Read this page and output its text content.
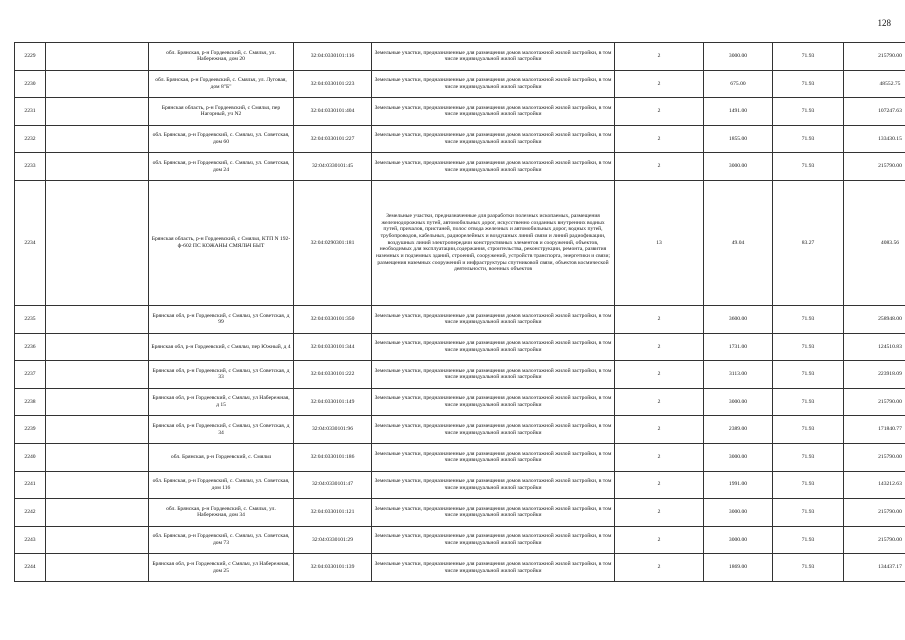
128
2229		обл. Брянская, р-н Гордеевский, с. Смяльч, ул. Набережная, дом 20	32:04:0330101:116	Земельные участки, предназначенные для размещения домов малоэтажной жилой застройки, в том числе индивидуальной жилой застройки	2	3000.00	71.93	215790.00
2230		обл. Брянская, р-н Гордеевский, с. Смяльч, ул. Луговая, дом 8"Б"	32:04:0330101:223	Земельные участки, предназначенные для размещения домов малоэтажной жилой застройки, в том числе индивидуальной жилой застройки	2	675.00	71.93	48552.75
2231		Брянская область, р-н Гордеевский, с Смяльч, пер Нагорный, уч N2	32:04:0330101:404	Земельные участки, предназначенные для размещения домов малоэтажной жилой застройки, в том числе индивидуальной жилой застройки	2	1491.00	71.93	107247.63
2232		обл. Брянская, р-н Гордеевский, с. Смяльч, ул. Советская, дом 60	32:04:0330101:227	Земельные участки, предназначенные для размещения домов малоэтажной жилой застройки, в том числе индивидуальной жилой застройки	2	1855.00	71.93	133430.15
2233		обл. Брянская, р-н Гордеевский, с. Смяльч, ул. Советская, дом 24	32:04:0330101:45	Земельные участки, предназначенные для размещения домов малоэтажной жилой застройки, в том числе индивидуальной жилой застройки	2	3000.00	71.93	215790.00
2234		Брянская область, р-н Гордеевский, с Смяльч, КТП N 192-ф-602 ПС КОЖАНЫ СМЯЛЬЧ БЫТ	32:04:0290301:181	Земельные участки, предназначенные для разработки полезных ископаемых, размещения железнодорожных путей, автомобильных дорог, искусственно созданных внутренних водных путей, причалов, пристаней, полос отвода железных и автомобильных дорог, водных путей, трубопроводов, кабельных, радиорелейных и воздушных линий связи и линий радиофикации, воздушных линий электропередачи конструктивных элементов и сооружений, объектов, необходимых для эксплуатации,содержания, строительства, реконструкции, ремонта, развития наземных и подземных зданий, строений, сооружений, устройств транспорта, энергетики и связи; размещения наземных сооружений и инфраструктуры спутниковой связи, объектов космической деятельности, военных объектов	13	49.04	83.27	4083.56
2235		Брянская обл, р-н Гордеевский, с Смяльч, ул Советская, д 99	32:04:0330101:350	Земельные участки, предназначенные для размещения домов малоэтажной жилой застройки, в том числе индивидуальной жилой застройки	2	3600.00	71.93	258948.00
2236		Брянская обл, р-н Гордеевский, с Смяльч, пер Южный, д 4	32:04:0330101:344	Земельные участки, предназначенные для размещения домов малоэтажной жилой застройки, в том числе индивидуальной жилой застройки	2	1731.00	71.93	124510.83
2237		Брянская обл, р-н Гордеевский, с Смяльч, ул Советская, д 33	32:04:0330101:222	Земельные участки, предназначенные для размещения домов малоэтажной жилой застройки, в том числе индивидуальной жилой застройки	2	3113.00	71.93	223918.09
2238		Брянская обл, р-н Гордеевский, с Смяльч, ул Набережная, д 15	32:04:0330101:149	Земельные участки, предназначенные для размещения домов малоэтажной жилой застройки, в том числе индивидуальной жилой застройки	2	3000.00	71.93	215790.00
2239		Брянская обл, р-н Гордеевский, с Смяльч, ул Советская, д 34	32:04:0330101:96	Земельные участки, предназначенные для размещения домов малоэтажной жилой застройки, в том числе индивидуальной жилой застройки	2	2389.00	71.93	171840.77
2240		обл. Брянская, р-н Гордеевский, с. Смяльч	32:04:0330101:186	Земельные участки, предназначенные для размещения домов малоэтажной жилой застройки, в том числе индивидуальной жилой застройки	2	3000.00	71.93	215790.00
2241		обл. Брянская, р-н Гордеевский, с. Смяльч, ул. Советская, дом 116	32:04:0330101:47	Земельные участки, предназначенные для размещения домов малоэтажной жилой застройки, в том числе индивидуальной жилой застройки	2	1991.00	71.93	143212.63
2242		обл. Брянская, р-н Гордеевский, с. Смяльч, ул. Набережная, дом 34	32:04:0330101:121	Земельные участки, предназначенные для размещения домов малоэтажной жилой застройки, в том числе индивидуальной жилой застройки	2	3000.00	71.93	215790.00
2243		обл. Брянская, р-н Гордеевский, с. Смяльч, ул. Советская, дом 73	32:04:0330101:29	Земельные участки, предназначенные для размещения домов малоэтажной жилой застройки, в том числе индивидуальной жилой застройки	2	3000.00	71.93	215790.00
2244		Брянская обл, р-н Гордеевский, с Смяльч, ул Набережная, дом 25	32:04:0330101:139	Земельные участки, предназначенные для размещения домов малоэтажной жилой застройки, в том числе индивидуальной жилой застройки	2	1869.00	71.93	134437.17
